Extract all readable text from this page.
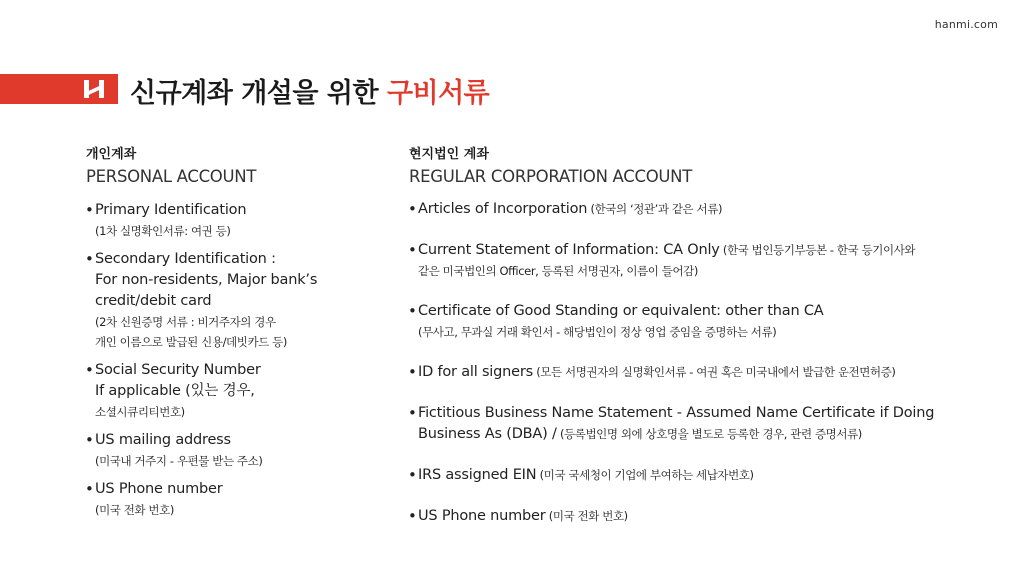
hanmi.com
신규계좌 개설을 위한 구비서류
개인계좌
PERSONAL ACCOUNT
• Primary Identification
(1차 실명확인서류: 여권 등)
• Secondary Identification :
For non-residents, Major bank’s
credit/debit card
(2차 신원증명 서류 : 비거주자의 경우
개인 이름으로 발급된 신용/데빗카드 등)
• Social Security Number
If applicable (있는 경우,
소셜시큐리티번호)
• US mailing address
(미국내 거주지 - 우편물 받는 주소)
• US Phone number
(미국 전화 번호)
현지법인 계좌
REGULAR CORPORATION ACCOUNT
• Articles of Incorporation (한국의 ‘정관’과 같은 서류)
• Current Statement of Information: CA Only (한국 법인등기부등본 - 한국 등기이사와
같은 미국법인의 Officer, 등록된 서명권자, 이름이 들어감)
• Certificate of Good Standing or equivalent: other than CA
(무사고, 무과실 거래 확인서 - 해당법인이 정상 영업 중임을 증명하는 서류)
• ID for all signers (모든 서명권자의 실명확인서류 - 여권 혹은 미국내에서 발급한 운전면허증)
• Fictitious Business Name Statement - Assumed Name Certificate if Doing
Business As (DBA) / (등록법인명 외에 상호명을 별도로 등록한 경우, 관련 증명서류)
• IRS assigned EIN (미국 국세청이 기업에 부여하는 세납자번호)
• US Phone number (미국 전화 번호)
